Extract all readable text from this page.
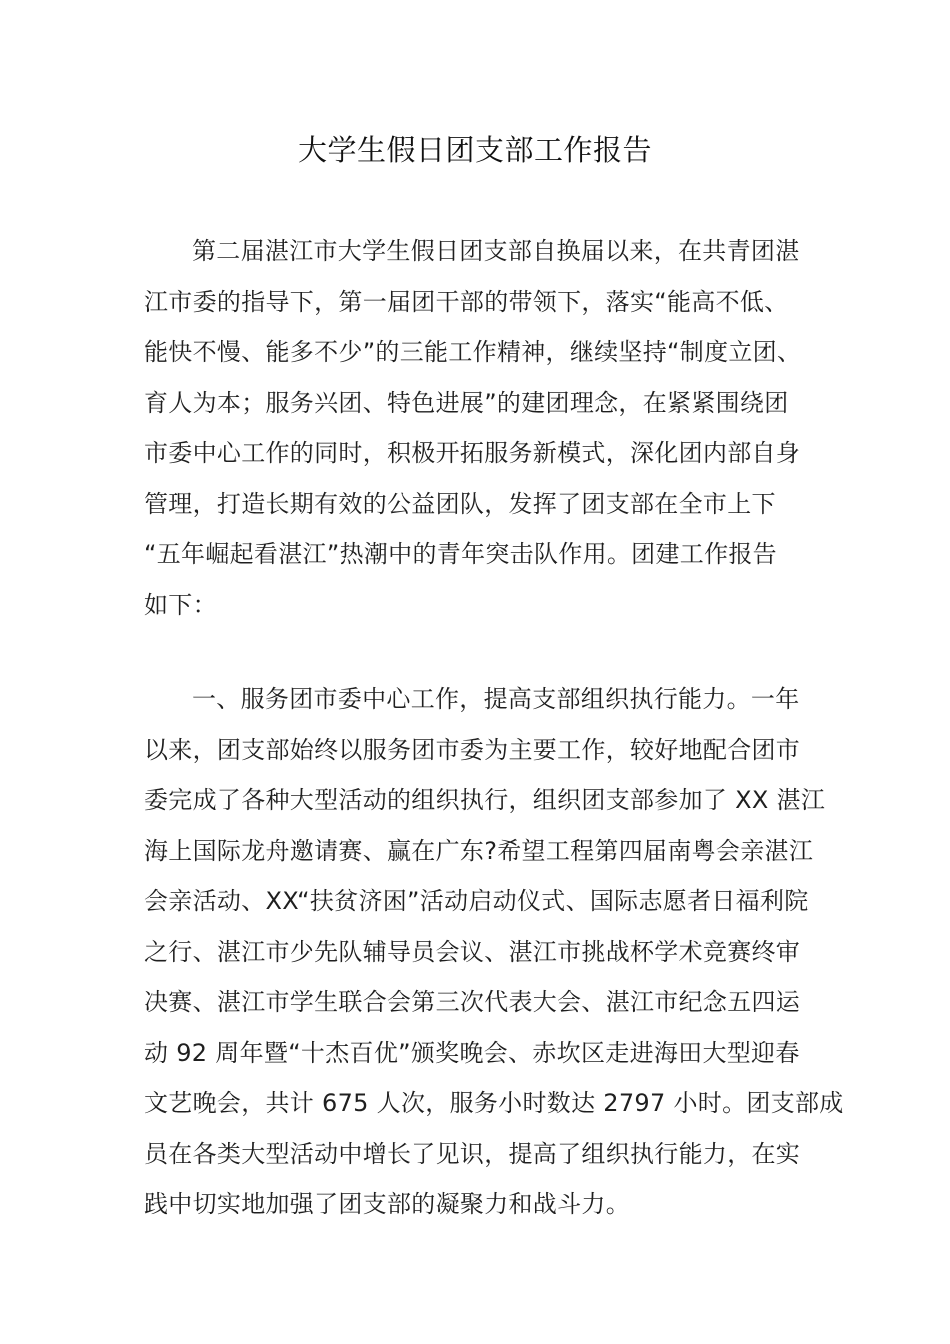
大学生假日团支部工作报告
第二届湛江市大学生假日团支部自换届以来，在共青团湛
江市委的指导下，第一届团干部的带领下，落实“能高不低、
能快不慢、能多不少”的三能工作精神，继续坚持“制度立团、
育人为本；服务兴团、特色进展”的建团理念，在紧紧围绕团
市委中心工作的同时，积极开拓服务新模式，深化团内部自身
管理，打造长期有效的公益团队，发挥了团支部在全市上下
“五年崛起看湛江”热潮中的青年突击队作用。团建工作报告
如下：
一、服务团市委中心工作，提高支部组织执行能力。一年
以来，团支部始终以服务团市委为主要工作，较好地配合团市
委完成了各种大型活动的组织执行，组织团支部参加了 XX 湛江
海上国际龙舟邀请赛、赢在广东?希望工程第四届南粤会亲湛江
会亲活动、XX“扶贫济困”活动启动仪式、国际志愿者日福利院
之行、湛江市少先队辅导员会议、湛江市挑战杯学术竞赛终审
决赛、湛江市学生联合会第三次代表大会、湛江市纪念五四运
动 92 周年暨“十杰百优”颁奖晚会、赤坎区走进海田大型迎春
文艺晚会，共计 675 人次，服务小时数达 2797 小时。团支部成
员在各类大型活动中增长了见识，提高了组织执行能力，在实
践中切实地加强了团支部的凝聚力和战斗力。
